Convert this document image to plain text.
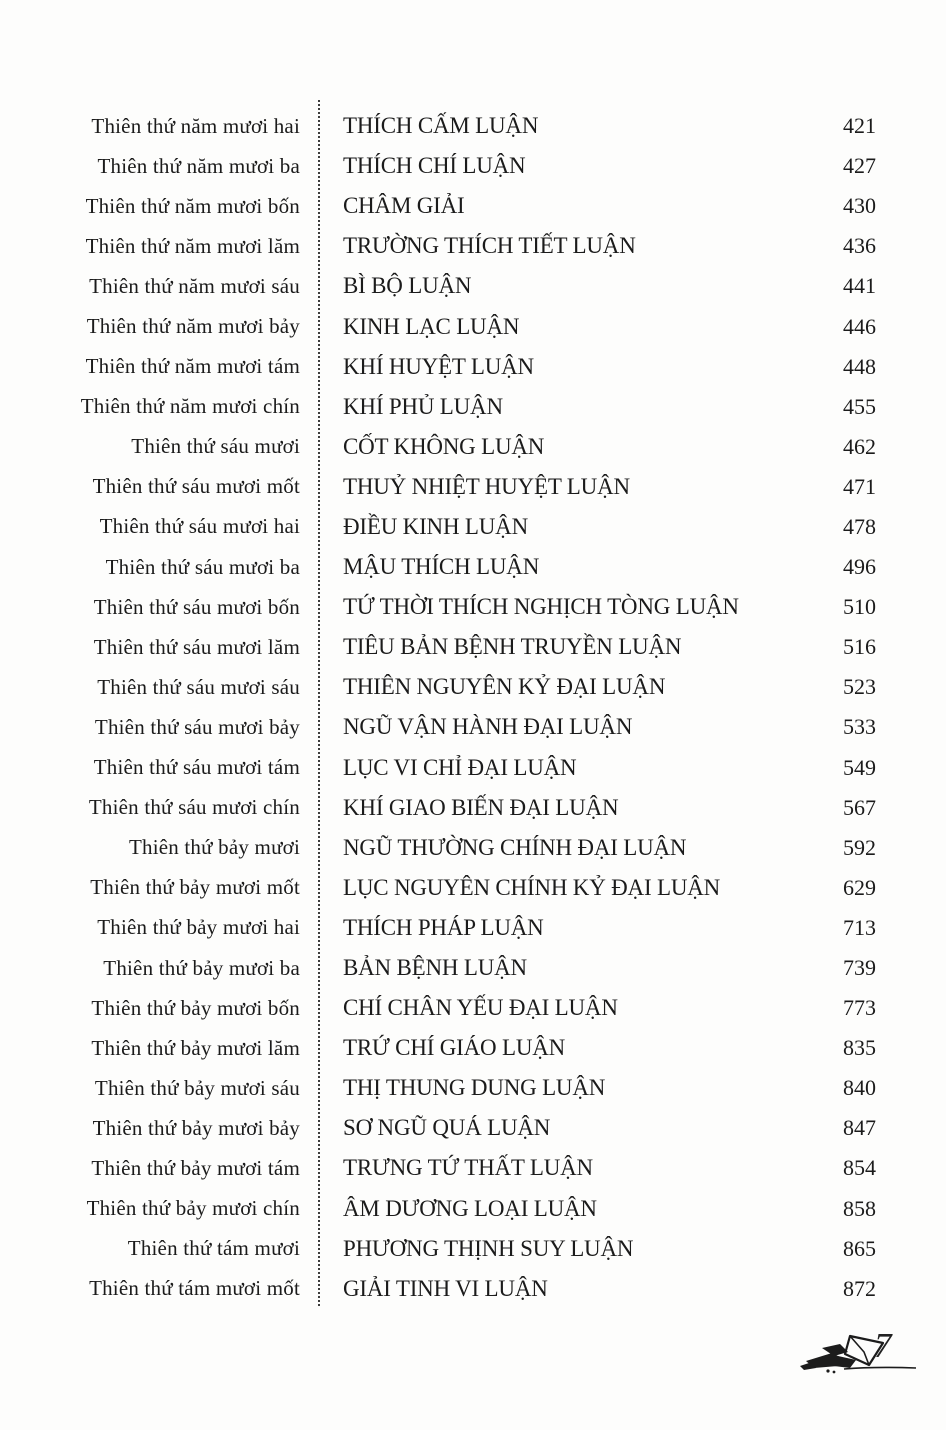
Thiên thứ năm mươi hai THÍCH CẤM LUẬN	421
Thiên thứ năm mươi ba THÍCH CHÍ LUẬN	427
Thiên thứ năm mươi bốn CHÂM GIẢI	430
Thiên thứ năm mươi lăm TRƯỜNG THÍCH TIẾT LUẬN	436
Thiên thứ năm mươi sáu BÌ BỘ LUẬN	441
Thiên thứ năm mươi bảy KINH LẠC LUẬN	446
Thiên thứ năm mươi tám KHÍ HUYỆT LUẬN	448
Thiên thứ năm mươi chín KHÍ PHỦ LUẬN	455
Thiên thứ sáu mươi CỐT KHÔNG LUẬN	462
Thiên thứ sáu mươi mốt THUỶ NHIỆT HUYỆT LUẬN	471
Thiên thứ sáu mươi hai ĐIỀU KINH LUẬN	478
Thiên thứ sáu mươi ba MẬU THÍCH LUẬN	496
Thiên thứ sáu mươi bốn TỨ THỜI THÍCH NGHỊCH TÒNG LUẬN	510
Thiên thứ sáu mươi lăm TIÊU BẢN BỆNH TRUYỀN LUẬN	516
Thiên thứ sáu mươi sáu THIÊN NGUYÊN KỶ ĐẠI LUẬN	523
Thiên thứ sáu mươi bảy NGŨ VẬN HÀNH ĐẠI LUẬN	533
Thiên thứ sáu mươi tám LỤC VI CHỈ ĐẠI LUẬN	549
Thiên thứ sáu mươi chín KHÍ GIAO BIẾN ĐẠI LUẬN	567
Thiên thứ bảy mươi NGŨ THƯỜNG CHÍNH ĐẠI LUẬN	592
Thiên thứ bảy mươi mốt LỤC NGUYÊN CHÍNH KỶ ĐẠI LUẬN	629
Thiên thứ bảy mươi hai THÍCH PHÁP LUẬN	713
Thiên thứ bảy mươi ba BẢN BỆNH LUẬN	739
Thiên thứ bảy mươi bốn CHÍ CHÂN YẾU ĐẠI LUẬN	773
Thiên thứ bảy mươi lăm TRỨ CHÍ GIÁO LUẬN	835
Thiên thứ bảy mươi sáu THỊ THUNG DUNG LUẬN	840
Thiên thứ bảy mươi bảy SƠ NGŨ QUÁ LUẬN	847
Thiên thứ bảy mươi tám TRƯNG TỨ THẤT LUẬN	854
Thiên thứ bảy mươi chín ÂM DƯƠNG LOẠI LUẬN	858
Thiên thứ tám mươi PHƯƠNG THỊNH SUY LUẬN	865
Thiên thứ tám mươi mốt GIẢI TINH VI LUẬN	872
7
